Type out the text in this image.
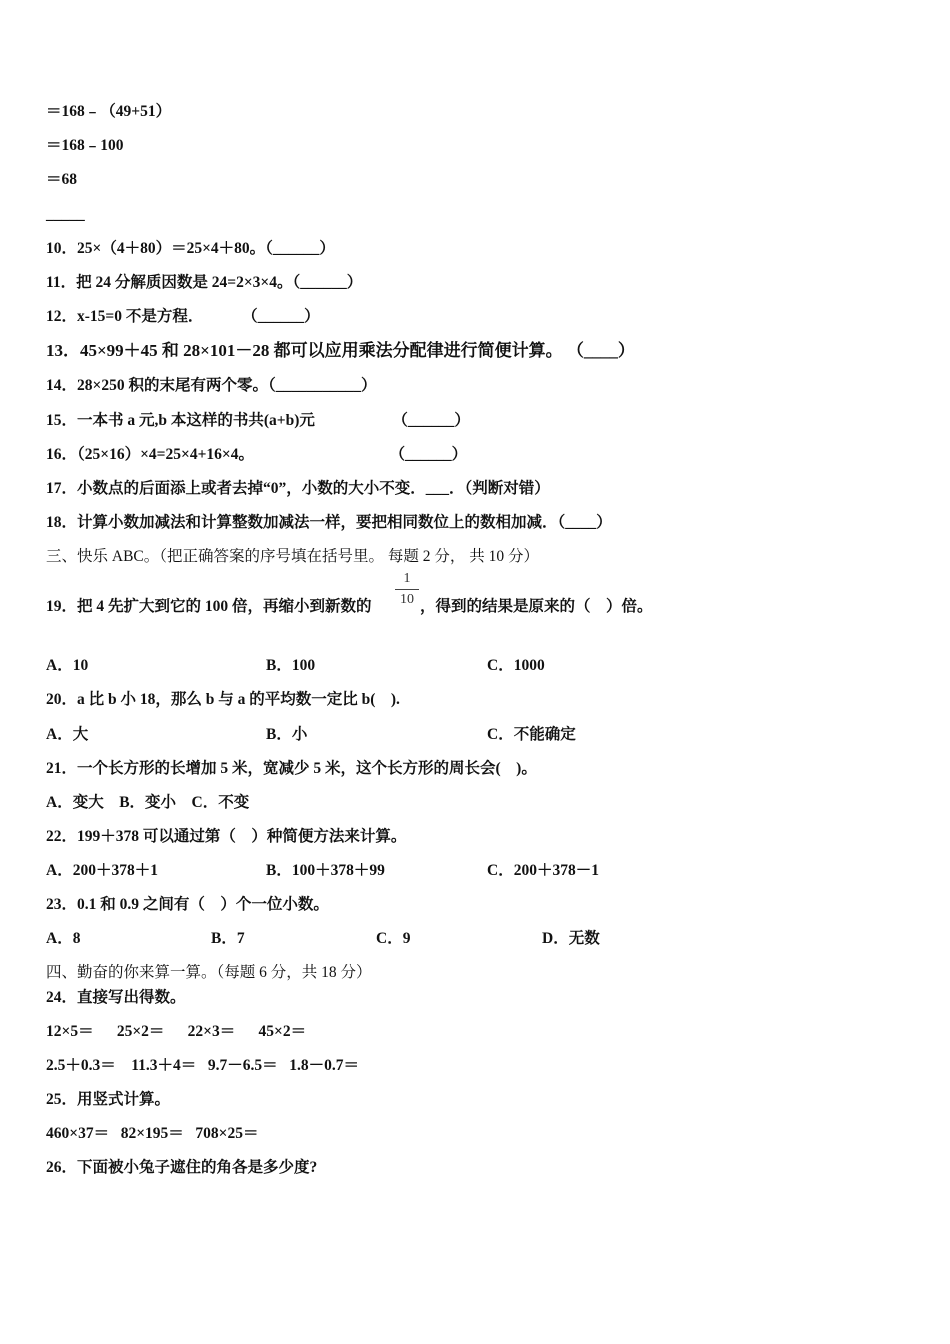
＝168﹣（49+51）
＝168﹣100
＝68
_____
10．25×（4＋80）＝25×4＋80。（______）
11．把 24 分解质因数是 24=2×3×4。（______）
12．x-15=0 不是方程．          （______）
13．45×99＋45 和 28×101－28 都可以应用乘法分配律进行简便计算。 （____）
14．28×250 积的末尾有两个零。（___________）
15．一本书 a 元,b 本这样的书共(a+b)元                    （______）
16．（25×16）×4=25×4+16×4。                                   （______）
17．小数点的后面添上或者去掉“0”，小数的大小不变．___．（判断对错）
18．计算小数加减法和计算整数加减法一样，要把相同数位上的数相加减．（____）
三、快乐 ABC。（把正确答案的序号填在括号里。 每题 2 分， 共 10 分）
19．把 4 先扩大到它的 100 倍，再缩小到新数的
1
10 ，得到的结果是原来的（    ）倍。
A．10	B．100	C．1000
20．a 比 b 小 18，那么 b 与 a 的平均数一定比 b(    ).
A．大	B．小	C．不能确定
21．一个长方形的长增加 5 米，宽减少 5 米，这个长方形的周长会(    )。
A．变大    B．变小    C．不变
22．199＋378 可以通过第（    ）种简便方法来计算。
A．200＋378＋1	B．100＋378＋99	C．200＋378－1
23．0.1 和 0.9 之间有（    ）个一位小数。
A．8	B．7	C．9	D．无数
四、勤奋的你来算一算。（每题 6 分，共 18 分）
24．直接写出得数。
12×5＝      25×2＝      22×3＝      45×2＝
2.5＋0.3＝    11.3＋4＝   9.7－6.5＝   1.8－0.7＝
25．用竖式计算。
460×37＝   82×195＝   708×25＝
26．下面被小兔子遮住的角各是多少度?
